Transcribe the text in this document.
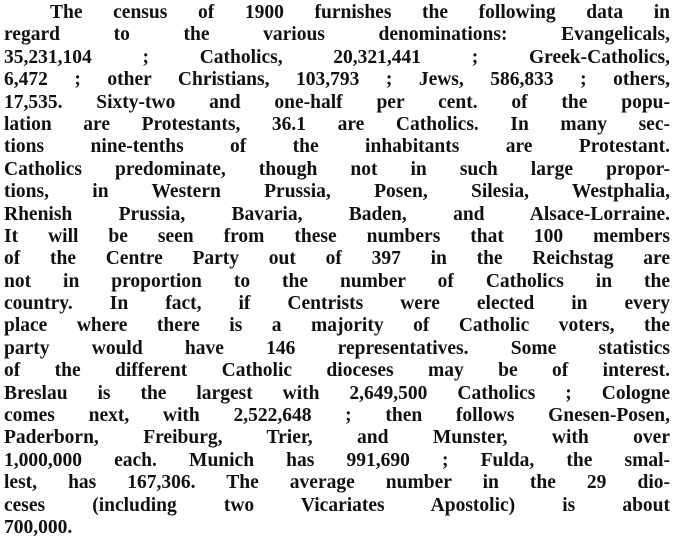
The census of 1900 furnishes the following data in
regard to the various denominations: Evangelicals,
35,231,104 ; Catholics, 20,321,441 ; Greek-Catholics,
6,472 ; other Christians, 103,793 ; Jews, 586,833 ; others,
17,535. Sixty-two and one-half per cent. of the popu-
lation are Protestants, 36.1 are Catholics. In many sec-
tions nine-tenths of the inhabitants are Protestant.
Catholics predominate, though not in such large propor-
tions, in Western Prussia, Posen, Silesia, Westphalia,
Rhenish Prussia, Bavaria, Baden, and Alsace-Lorraine.
It will be seen from these numbers that 100 members
of the Centre Party out of 397 in the Reichstag are
not in proportion to the number of Catholics in the
country. In fact, if Centrists were elected in every
place where there is a majority of Catholic voters, the
party would have 146 representatives. Some statistics
of the different Catholic dioceses may be of interest.
Breslau is the largest with 2,649,500 Catholics ; Cologne
comes next, with 2,522,648 ; then follows Gnesen-Posen,
Paderborn, Freiburg, Trier, and Munster, with over
1,000,000 each. Munich has 991,690 ; Fulda, the smal-
lest, has 167,306. The average number in the 29 dio-
ceses (including two Vicariates Apostolic) is about
700,000.
